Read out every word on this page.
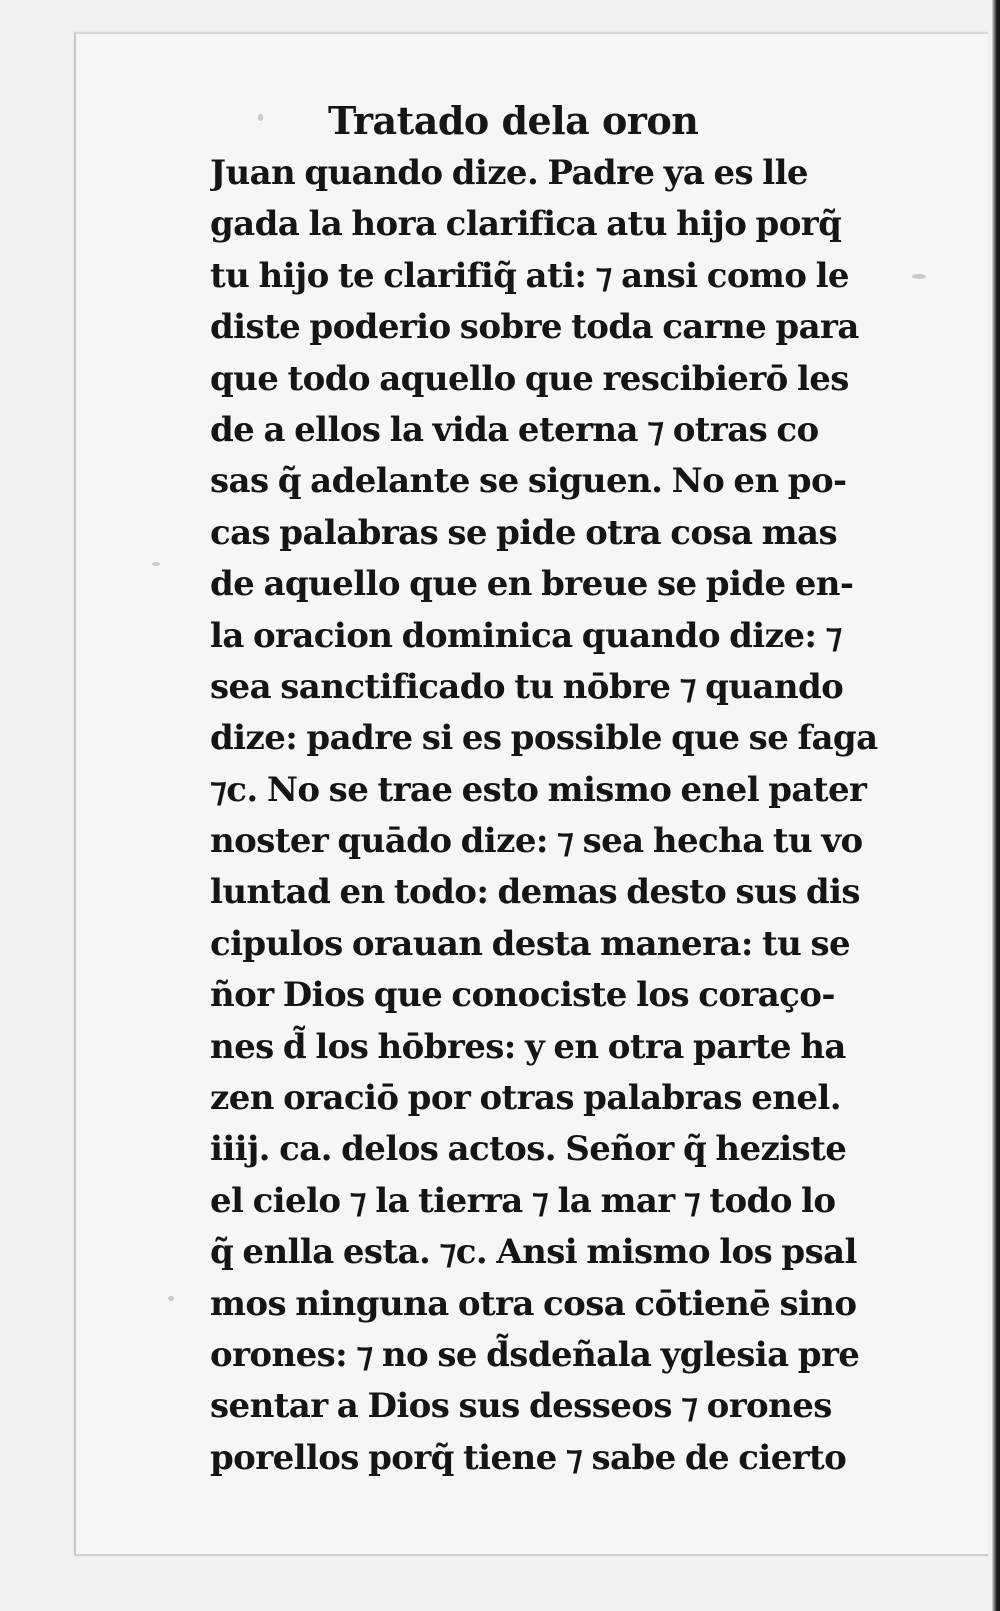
Tratado dela oron
Juan quando dize. Padre ya es lle
gada la hora clarifica atu hijo porq̃
tu hijo te clarifiq̃ ati: ⁊ ansi como le
diste poderio sobre toda carne para
que todo aquello que rescibierō les
de a ellos la vida eterna ⁊ otras co
sas q̃ adelante se siguen. No en po-
cas palabras se pide otra cosa mas
de aquello que en breue se pide en-
la oracion dominica quando dize: ⁊
sea sanctificado tu nōbre ⁊ quando
dize: padre si es possible que se faga
⁊c. No se trae esto mismo enel pater
noster quādo dize: ⁊ sea hecha tu vo
luntad en todo: demas desto sus dis
cipulos orauan desta manera: tu se
ñor Dios que conociste los coraço-
nes d̃ los hōbres: y en otra parte ha
zen oraciō por otras palabras enel.
iiij. ca. delos actos. Señor q̃ heziste
el cielo ⁊ la tierra ⁊ la mar ⁊ todo lo
q̃ enlla esta. ⁊c. Ansi mismo los psal
mos ninguna otra cosa cōtienē sino
orones: ⁊ no se d̃sdeñala yglesia pre
sentar a Dios sus desseos ⁊ orones
porellos porq̃ tiene ⁊ sabe de cierto
